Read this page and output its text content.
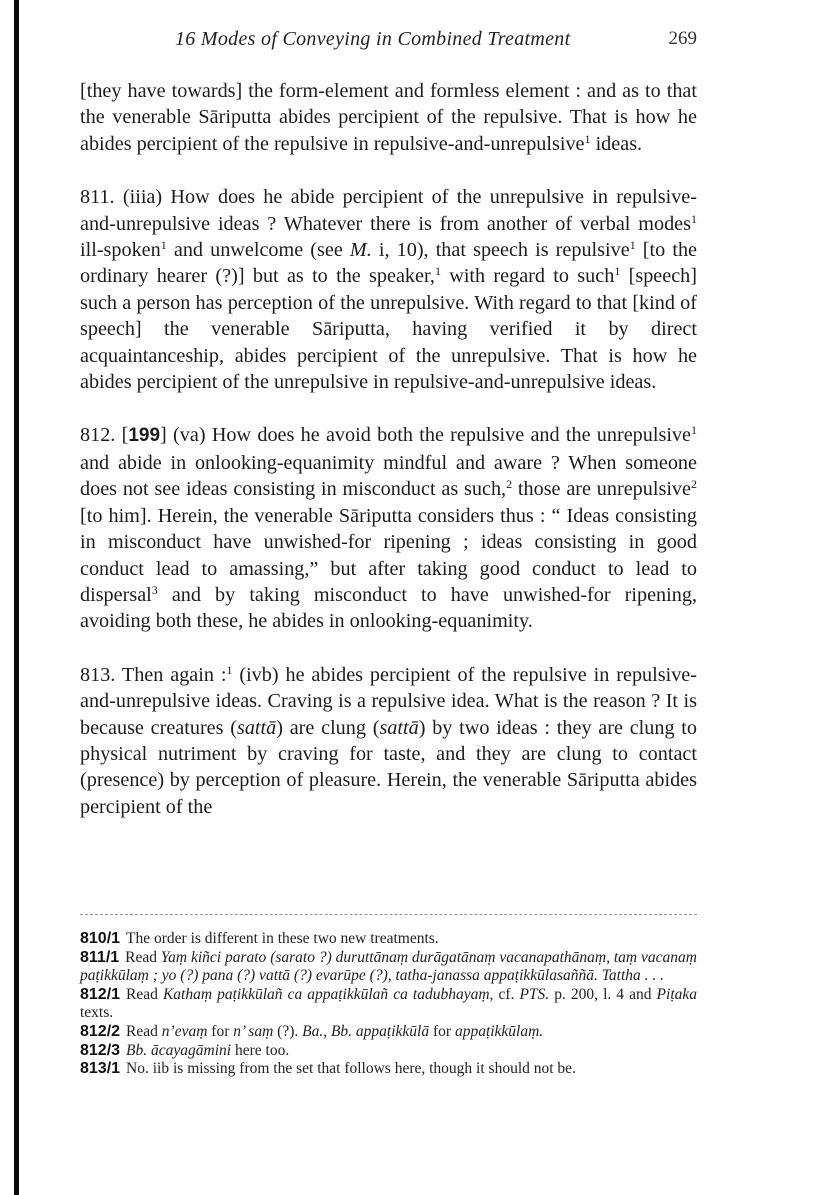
16 Modes of Conveying in Combined Treatment	269

[they have towards] the form-element and formless element : and as to that the venerable Sāriputta abides percipient of the repulsive. That is how he abides percipient of the repulsive in repulsive-and-unrepulsive$^1$ ideas.

811. (iiia) How does he abide percipient of the unrepulsive in repulsive-and-unrepulsive ideas ? Whatever there is from another of verbal modes$^1$ ill-spoken$^1$ and unwelcome (see M. i, 10), that speech is repulsive$^1$ [to the ordinary hearer (?)] but as to the speaker,$^1$ with regard to such$^1$ [speech] such a person has perception of the unrepulsive. With regard to that [kind of speech] the venerable Sāriputta, having verified it by direct acquaintanceship, abides percipient of the unrepulsive. That is how he abides percipient of the unrepulsive in repulsive-and-unrepulsive ideas.

812. [199] (va) How does he avoid both the repulsive and the unrepulsive$^1$ and abide in onlooking-equanimity mindful and aware ? When someone does not see ideas consisting in misconduct as such,$^2$ those are unrepulsive$^2$ [to him]. Herein, the venerable Sāriputta considers thus : “ Ideas consisting in misconduct have unwished-for ripening ; ideas consisting in good conduct lead to amassing,” but after taking good conduct to lead to dispersal$^3$ and by taking misconduct to have unwished-for ripening, avoiding both these, he abides in onlooking-equanimity.

813. Then again :$^1$ (ivb) he abides percipient of the repulsive in repulsive-and-unrepulsive ideas. Craving is a repulsive idea. What is the reason ? It is because creatures (sattā) are clung (sattā) by two ideas : they are clung to physical nutriment by craving for taste, and they are clung to contact (presence) by perception of pleasure. Herein, the venerable Sāriputta abides percipient of the

810/1 The order is different in these two new treatments.

811/1 Read Yaṃ kiñci parato (sarato ?) duruttānaṃ durāgatānaṃ vacanapathānaṃ, taṃ vacanaṃ paṭikkūlaṃ ; yo (?) pana (?) vattā (?) evarūpe (?), tatha-janassa appaṭikkūlasaññā. Tattha . . .

812/1 Read Kathaṃ paṭikkūlañ ca appaṭikkūlañ ca tadubhayaṃ, cf. PTS. p. 200, l. 4 and Piṭaka texts.

812/2 Read n’evaṃ for n’ saṃ (?). Ba., Bb. appaṭikkūlā for appaṭikkūlaṃ.

812/3 Bb. ācayagāmini here too.

813/1 No. iib is missing from the set that follows here, though it should not be.
